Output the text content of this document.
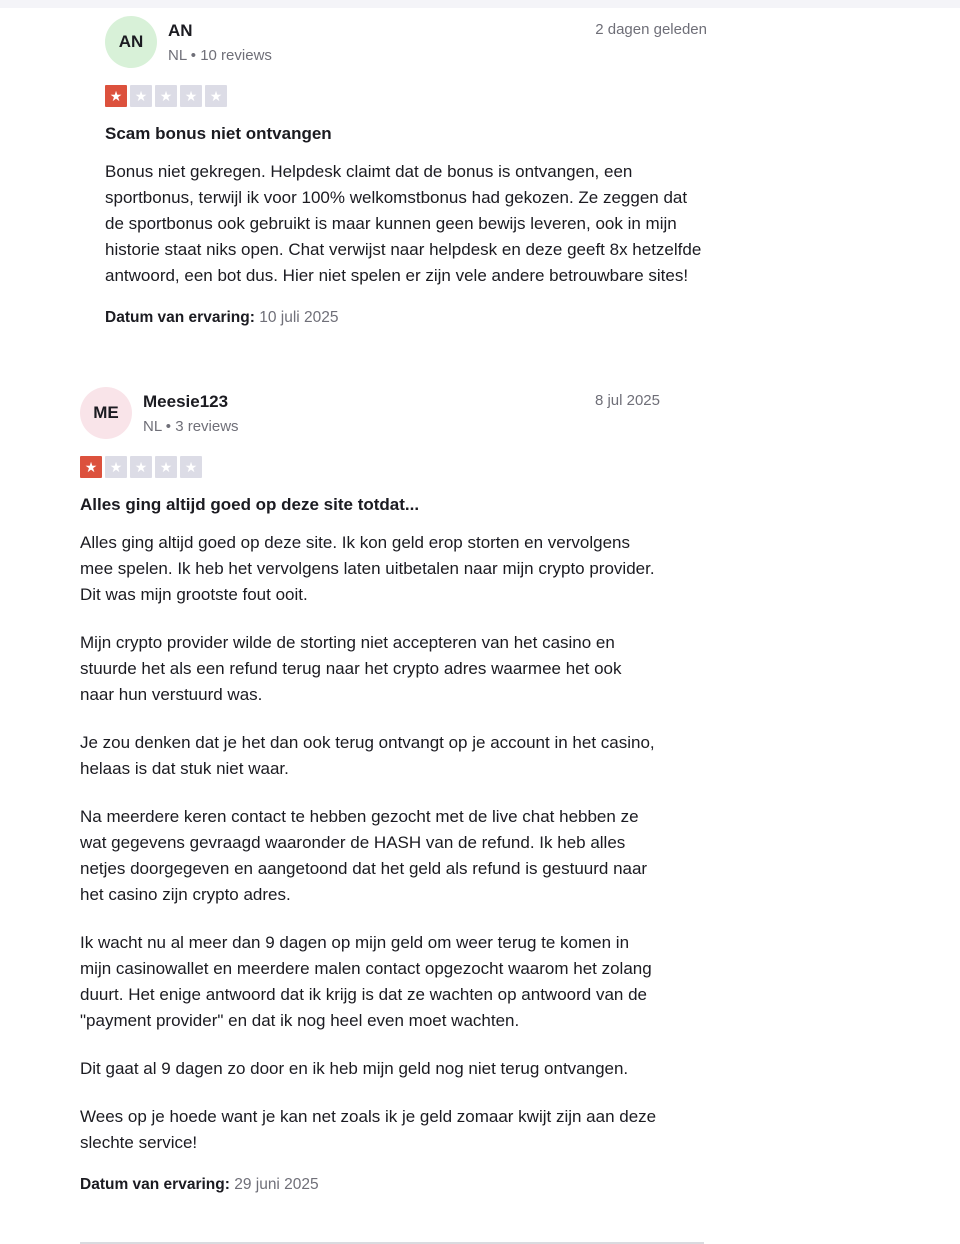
AN
AN
NL • 10 reviews
2 dagen geleden
★ ★ ★ ★ ★
Scam bonus niet ontvangen

Bonus niet gekregen. Helpdesk claimt dat de bonus is ontvangen, een sportbonus, terwijl ik voor 100% welkomstbonus had gekozen. Ze zeggen dat de sportbonus ook gebruikt is maar kunnen geen bewijs leveren, ook in mijn historie staat niks open. Chat verwijst naar helpdesk en deze geeft 8x hetzelfde antwoord, een bot dus. Hier niet spelen er zijn vele andere betrouwbare sites!

Datum van ervaring: 10 juli 2025
ME
Meesie123
NL • 3 reviews
8 jul 2025
★ ★ ★ ★ ★
Alles ging altijd goed op deze site totdat...

Alles ging altijd goed op deze site. Ik kon geld erop storten en vervolgens mee spelen. Ik heb het vervolgens laten uitbetalen naar mijn crypto provider. Dit was mijn grootste fout ooit.

Mijn crypto provider wilde de storting niet accepteren van het casino en stuurde het als een refund terug naar het crypto adres waarmee het ook naar hun verstuurd was.

Je zou denken dat je het dan ook terug ontvangt op je account in het casino, helaas is dat stuk niet waar.

Na meerdere keren contact te hebben gezocht met de live chat hebben ze wat gegevens gevraagd waaronder de HASH van de refund. Ik heb alles netjes doorgegeven en aangetoond dat het geld als refund is gestuurd naar het casino zijn crypto adres.

Ik wacht nu al meer dan 9 dagen op mijn geld om weer terug te komen in mijn casinowallet en meerdere malen contact opgezocht waarom het zolang duurt. Het enige antwoord dat ik krijg is dat ze wachten op antwoord van de "payment provider" en dat ik nog heel even moet wachten.

Dit gaat al 9 dagen zo door en ik heb mijn geld nog niet terug ontvangen.

Wees op je hoede want je kan net zoals ik je geld zomaar kwijt zijn aan deze slechte service!

Datum van ervaring: 29 juni 2025
